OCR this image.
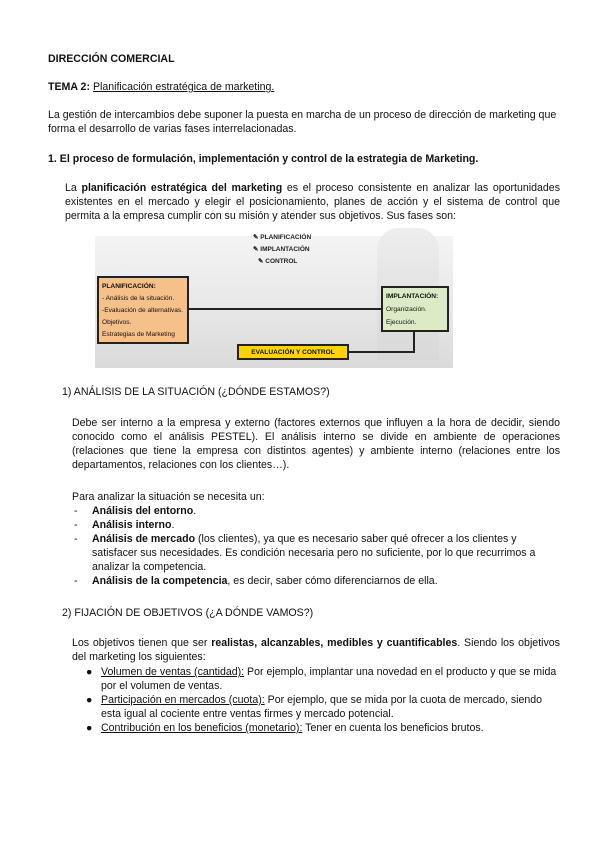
DIRECCIÓN COMERCIAL
TEMA 2: Planificación estratégica de marketing.

La gestión de intercambios debe suponer la puesta en marcha de un proceso de dirección de marketing que forma el desarrollo de varias fases interrelacionadas.

1. El proceso de formulación, implementación y control de la estrategia de Marketing.

La planificación estratégica del marketing es el proceso consistente en analizar las oportunidades existentes en el mercado y elegir el posicionamiento, planes de acción y el sistema de control que permita a la empresa cumplir con su misión y atender sus objetivos. Sus fases son:

✎ PLANIFICACIÓN
✎ IMPLANTACIÓN
✎ CONTROL
PLANIFICACIÓN:
- Análisis de la situación.
-Evaluación de alternativas.
Objetivos.
Estrategias de Marketing
IMPLANTACIÓN:
Organización.
Ejecución.
EVALUACIÓN Y CONTROL
1) ANÁLISIS DE LA SITUACIÓN (¿DÓNDE ESTAMOS?)

Debe ser interno a la empresa y externo (factores externos que influyen a la hora de decidir, siendo conocido como el análisis PESTEL). El análisis interno se divide en ambiente de operaciones (relaciones que tiene la empresa con distintos agentes) y ambiente interno (relaciones entre los departamentos, relaciones con los clientes…).

Para analizar la situación se necesita un:

- Análisis del entorno.
- Análisis interno.
- Análisis de mercado (los clientes), ya que es necesario saber qué ofrecer a los clientes y satisfacer sus necesidades. Es condición necesaria pero no suficiente, por lo que recurrimos a analizar la competencia.
- Análisis de la competencia, es decir, saber cómo diferenciarnos de ella.
2) FIJACIÓN DE OBJETIVOS (¿A DÓNDE VAMOS?)

Los objetivos tienen que ser realistas, alcanzables, medibles y cuantificables. Siendo los objetivos del marketing los siguientes:

● Volumen de ventas (cantidad): Por ejemplo, implantar una novedad en el producto y que se mida por el volumen de ventas.
● Participación en mercados (cuota): Por ejemplo, que se mida por la cuota de mercado, siendo esta igual al cociente entre ventas firmes y mercado potencial.
● Contribución en los beneficios (monetario): Tener en cuenta los beneficios brutos.
